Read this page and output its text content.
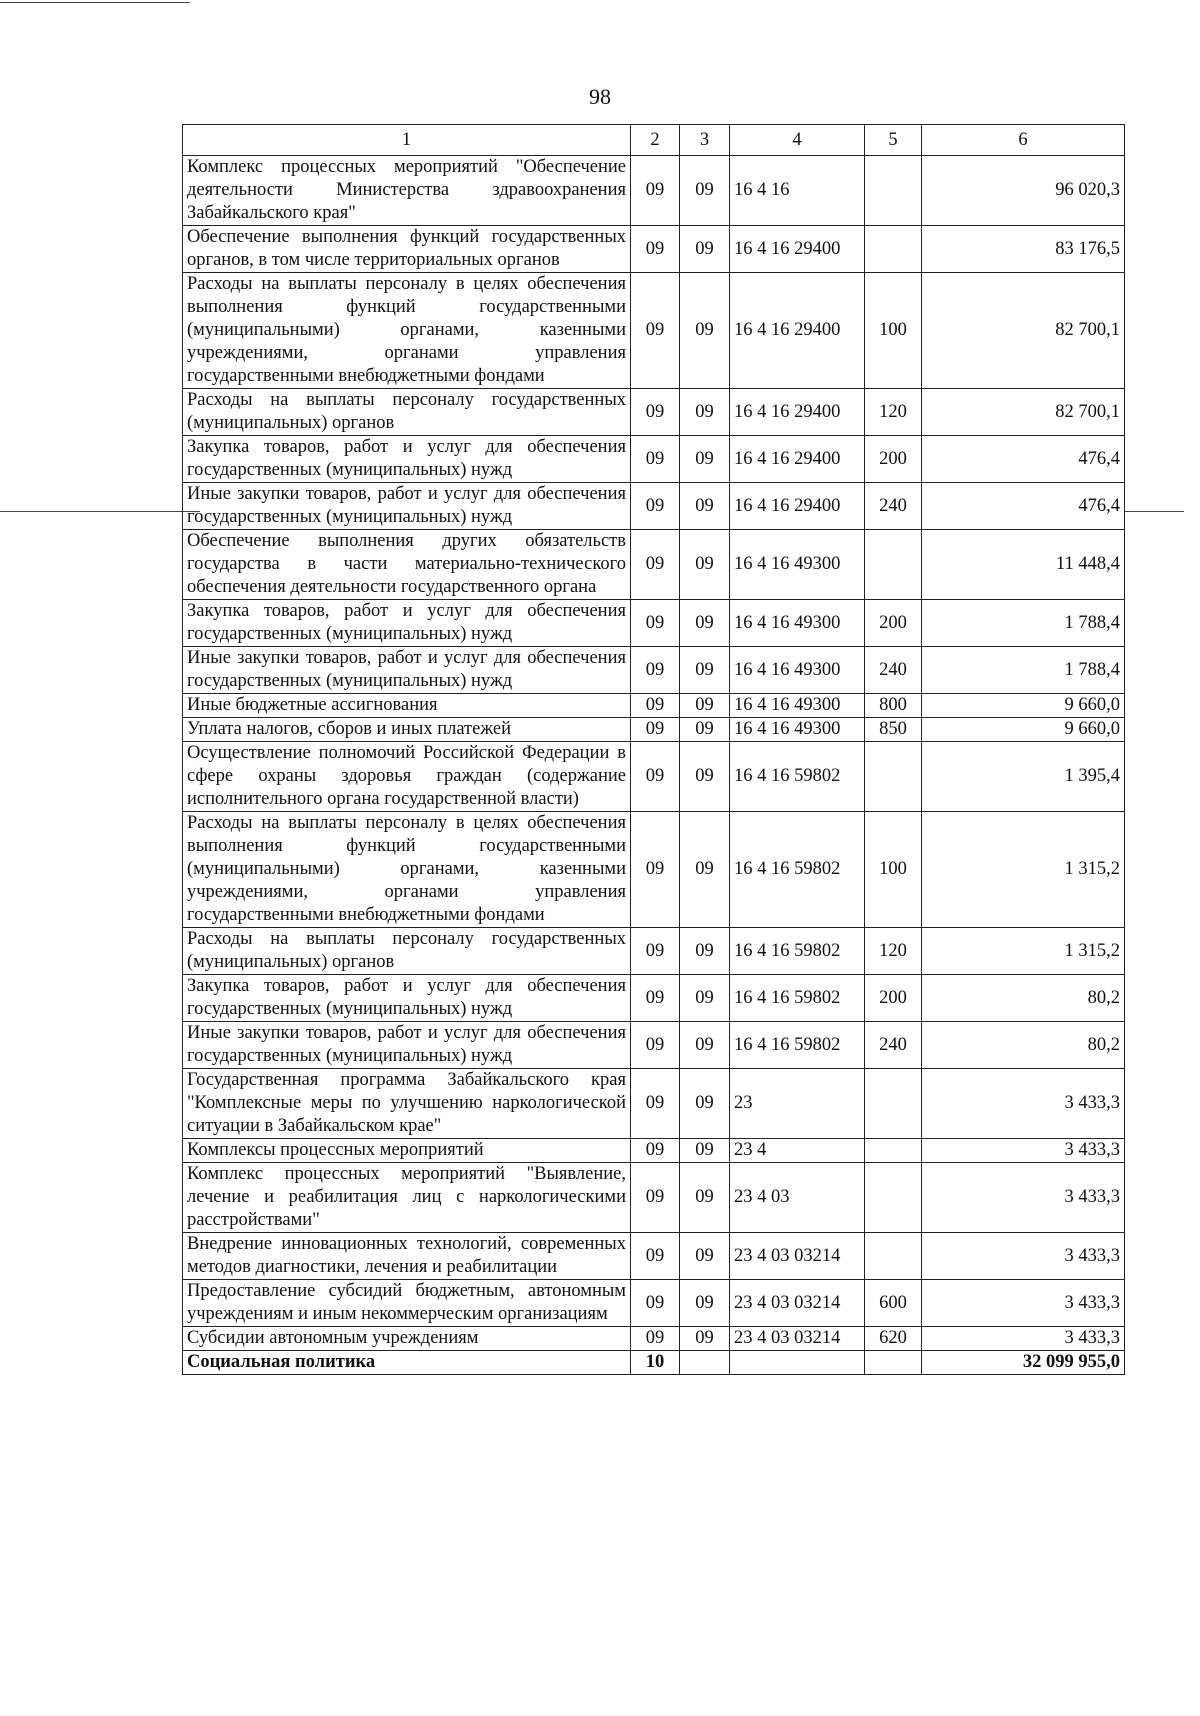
98
1	2	3	4	5	6
Комплекс процессных мероприятий "Обеспечение деятельности Министерства здравоохранения Забайкальского края"	09	09	16 4 16		96 020,3
Обеспечение выполнения функций государственных органов, в том числе территориальных органов	09	09	16 4 16 29400		83 176,5
Расходы на выплаты персоналу в целях обеспечения выполнения функций государственными (муниципальными) органами, казенными учреждениями, органами управления государственными внебюджетными фондами	09	09	16 4 16 29400	100	82 700,1
Расходы на выплаты персоналу государственных (муниципальных) органов	09	09	16 4 16 29400	120	82 700,1
Закупка товаров, работ и услуг для обеспечения государственных (муниципальных) нужд	09	09	16 4 16 29400	200	476,4
Иные закупки товаров, работ и услуг для обеспечения государственных (муниципальных) нужд	09	09	16 4 16 29400	240	476,4
Обеспечение выполнения других обязательств государства в части материально-технического обеспечения деятельности государственного органа	09	09	16 4 16 49300		11 448,4
Закупка товаров, работ и услуг для обеспечения государственных (муниципальных) нужд	09	09	16 4 16 49300	200	1 788,4
Иные закупки товаров, работ и услуг для обеспечения государственных (муниципальных) нужд	09	09	16 4 16 49300	240	1 788,4
Иные бюджетные ассигнования	09	09	16 4 16 49300	800	9 660,0
Уплата налогов, сборов и иных платежей	09	09	16 4 16 49300	850	9 660,0
Осуществление полномочий Российской Федерации в сфере охраны здоровья граждан (содержание исполнительного органа государственной власти)	09	09	16 4 16 59802		1 395,4
Расходы на выплаты персоналу в целях обеспечения выполнения функций государственными (муниципальными) органами, казенными учреждениями, органами управления государственными внебюджетными фондами	09	09	16 4 16 59802	100	1 315,2
Расходы на выплаты персоналу государственных (муниципальных) органов	09	09	16 4 16 59802	120	1 315,2
Закупка товаров, работ и услуг для обеспечения государственных (муниципальных) нужд	09	09	16 4 16 59802	200	80,2
Иные закупки товаров, работ и услуг для обеспечения государственных (муниципальных) нужд	09	09	16 4 16 59802	240	80,2
Государственная программа Забайкальского края "Комплексные меры по улучшению наркологической ситуации в Забайкальском крае"	09	09	23		3 433,3
Комплексы процессных мероприятий	09	09	23 4		3 433,3
Комплекс процессных мероприятий "Выявление, лечение и реабилитация лиц с наркологическими расстройствами"	09	09	23 4 03		3 433,3
Внедрение инновационных технологий, современных методов диагностики, лечения и реабилитации	09	09	23 4 03 03214		3 433,3
Предоставление субсидий бюджетным, автономным учреждениям и иным некоммерческим организациям	09	09	23 4 03 03214	600	3 433,3
Субсидии автономным учреждениям	09	09	23 4 03 03214	620	3 433,3
Социальная политика	10				32 099 955,0
